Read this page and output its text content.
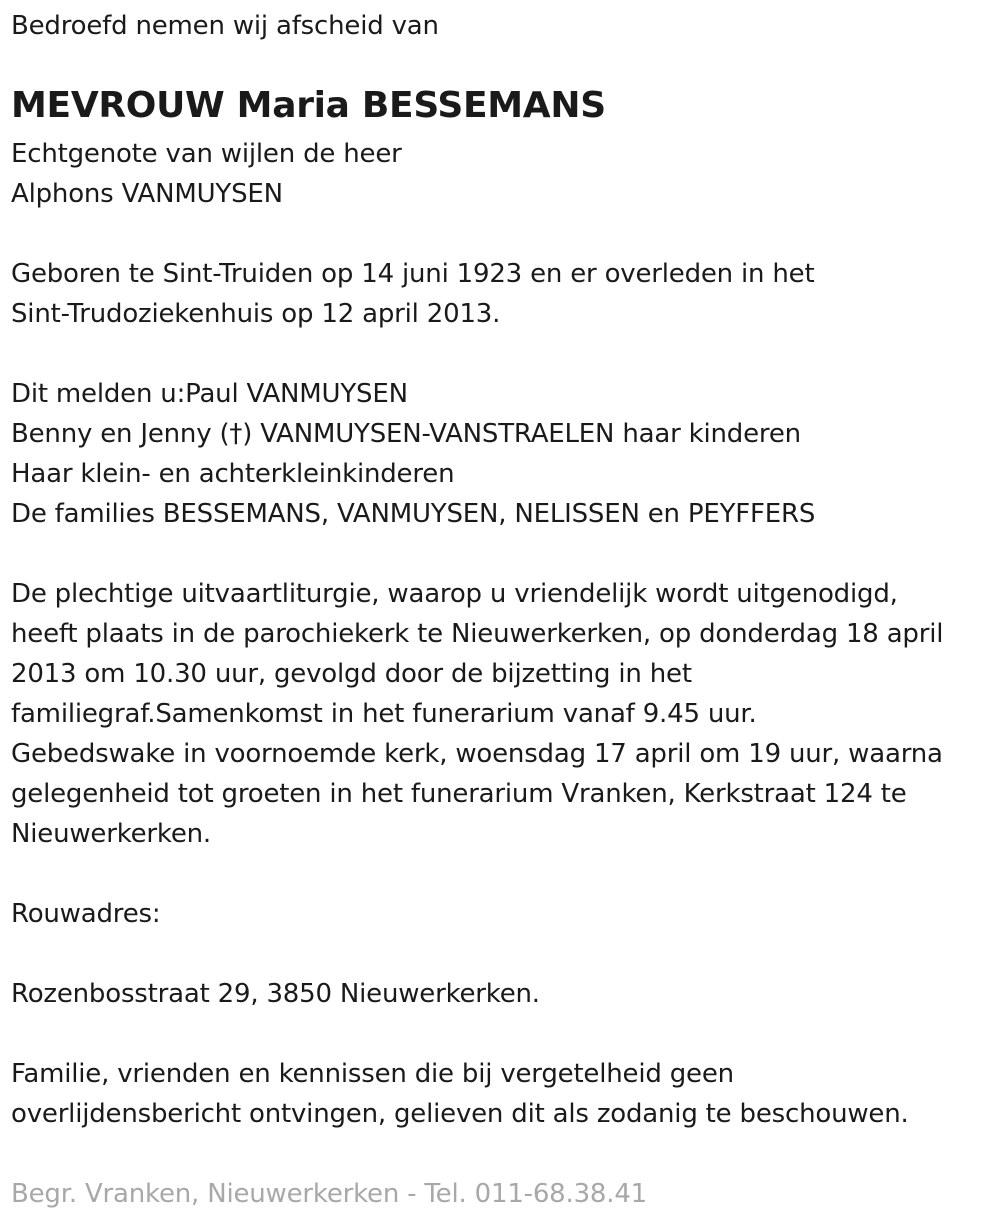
Bedroefd nemen wij afscheid van
MEVROUW Maria BESSEMANS
Echtgenote van wijlen de heer
Alphons VANMUYSEN
Geboren te Sint-Truiden op 14 juni 1923 en er overleden in het
Sint-Trudoziekenhuis op 12 april 2013.
Dit melden u:Paul VANMUYSEN
Benny en Jenny (†) VANMUYSEN-VANSTRAELEN haar kinderen
Haar klein- en achterkleinkinderen
De families BESSEMANS, VANMUYSEN, NELISSEN en PEYFFERS
De plechtige uitvaartliturgie, waarop u vriendelijk wordt uitgenodigd,
heeft plaats in de parochiekerk te Nieuwerkerken, op donderdag 18 april
2013 om 10.30 uur, gevolgd door de bijzetting in het
familiegraf.Samenkomst in het funerarium vanaf 9.45 uur.
Gebedswake in voornoemde kerk, woensdag 17 april om 19 uur, waarna
gelegenheid tot groeten in het funerarium Vranken, Kerkstraat 124 te
Nieuwerkerken.
Rouwadres:
Rozenbosstraat 29, 3850 Nieuwerkerken.
Familie, vrienden en kennissen die bij vergetelheid geen
overlijdensbericht ontvingen, gelieven dit als zodanig te beschouwen.
Begr. Vranken, Nieuwerkerken - Tel. 011-68.38.41
